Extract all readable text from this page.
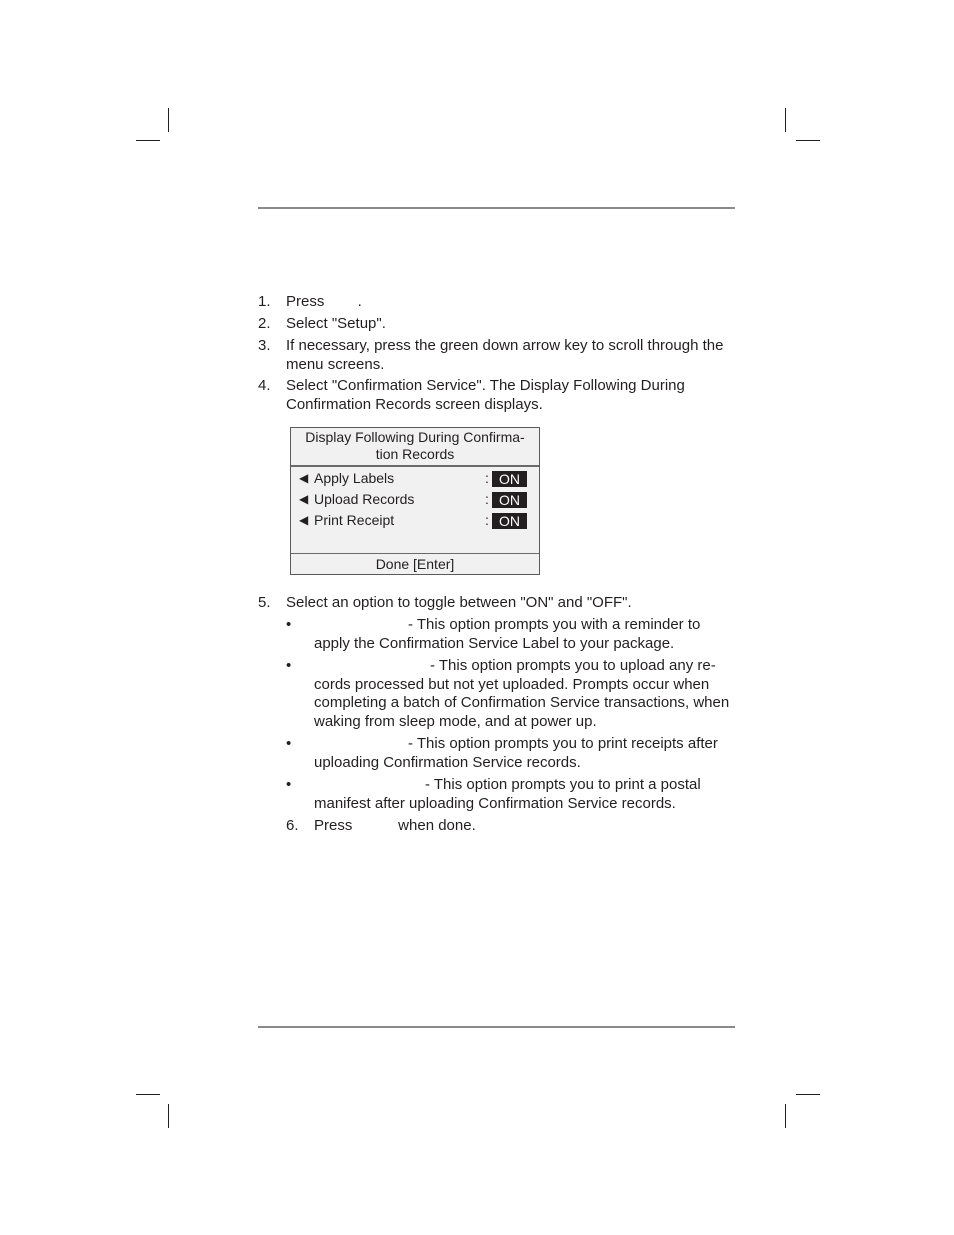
1. Press        .
2. Select "Setup".
3. If necessary, press the green down arrow key to scroll through the menu screens.
4. Select "Confirmation Service". The Display Following During Confirmation Records screen displays.
Display Following During Confirma-
tion Records
◀ Apply Labels	: ON
◀ Upload Records	: ON
◀ Print Receipt	: ON
Done [Enter]
5. Select an option to toggle between "ON" and "OFF".
•	- This option prompts you with a reminder to apply the Confirmation Service Label to your package.
•	- This option prompts you to upload any re-cords processed but not yet uploaded. Prompts occur when completing a batch of Confirmation Service transactions, when waking from sleep mode, and at power up.
•	- This option prompts you to print receipts after uploading Confirmation Service records.
•	- This option prompts you to print a postal manifest after uploading Confirmation Service records.
6. Press           when done.
